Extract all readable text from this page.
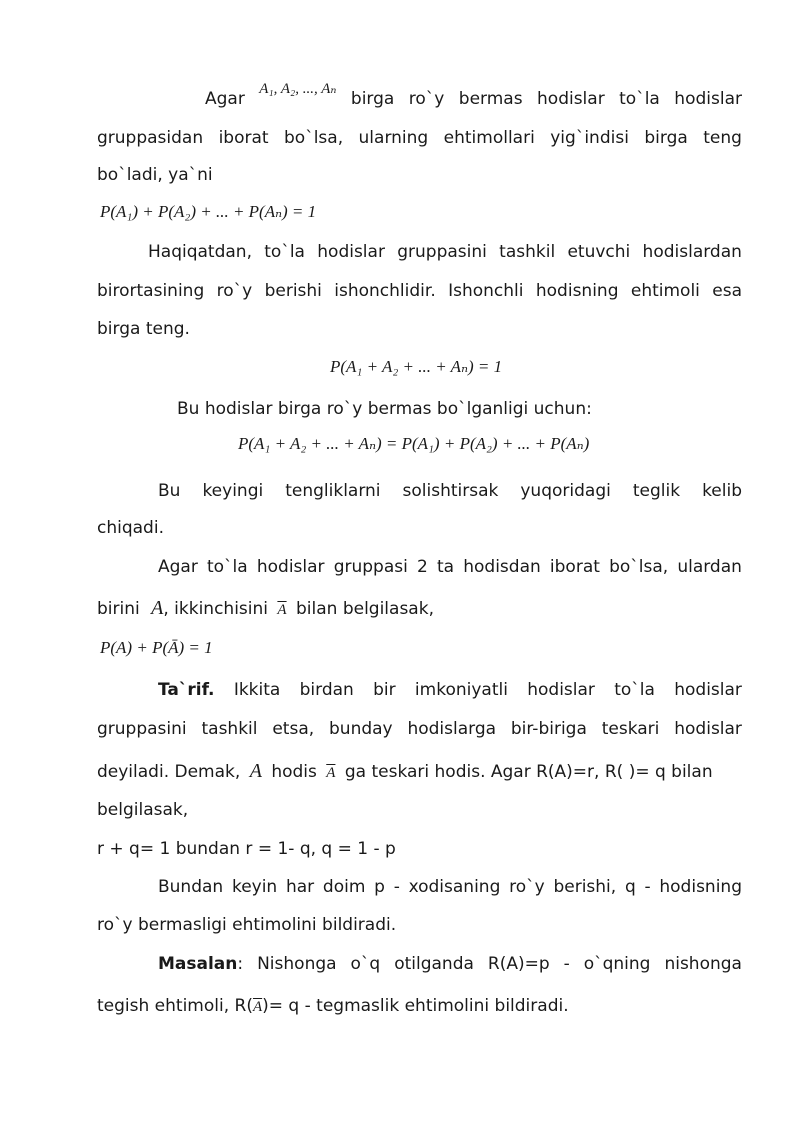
Agar A₁, A₂, ..., Aₙ birga ro`y bermas hodislar to`la hodislar
gruppasidan iborat bo`lsa, ularning ehtimollari yig`indisi birga teng
bo`ladi, ya`ni
P(A₁) + P(A₂) + ... + P(Aₙ) = 1
Haqiqatdan, to`la hodislar gruppasini tashkil etuvchi hodislardan
birortasining ro`y berishi ishonchlidir. Ishonchli hodisning ehtimoli esa
birga teng.
P(A₁ + A₂ + ... + Aₙ) = 1
Bu hodislar birga ro`y bermas bo`lganligi uchun:
P(A₁ + A₂ + ... + Aₙ) = P(A₁) + P(A₂) + ... + P(Aₙ)
Bu keyingi tengliklarni solishtirsak yuqoridagi teglik kelib
chiqadi.
Agar to`la hodislar gruppasi 2 ta hodisdan iborat bo`lsa, ulardan
birini A, ikkinchisini $\overline{A}$ bilan belgilasak,
P(A) + P(Ā) = 1
Ta`rif. Ikkita birdan bir imkoniyatli hodislar to`la hodislar
gruppasini tashkil etsa, bunday hodislarga bir-biriga teskari hodislar
deyiladi. Demak, A hodis $\overline{A}$ ga teskari hodis. Agar R(A)=r, R( )= q bilan
belgilasak,
r + q= 1 bundan r = 1- q, q = 1 - p
Bundan keyin har doim p - xodisaning ro`y berishi, q - hodisning
ro`y bermasligi ehtimolini bildiradi.
Masalan: Nishonga o`q otilganda R(A)=p - o`qning nishonga
tegish ehtimoli, $R(\overline{A})= q$ - tegmaslik ehtimolini bildiradi.
